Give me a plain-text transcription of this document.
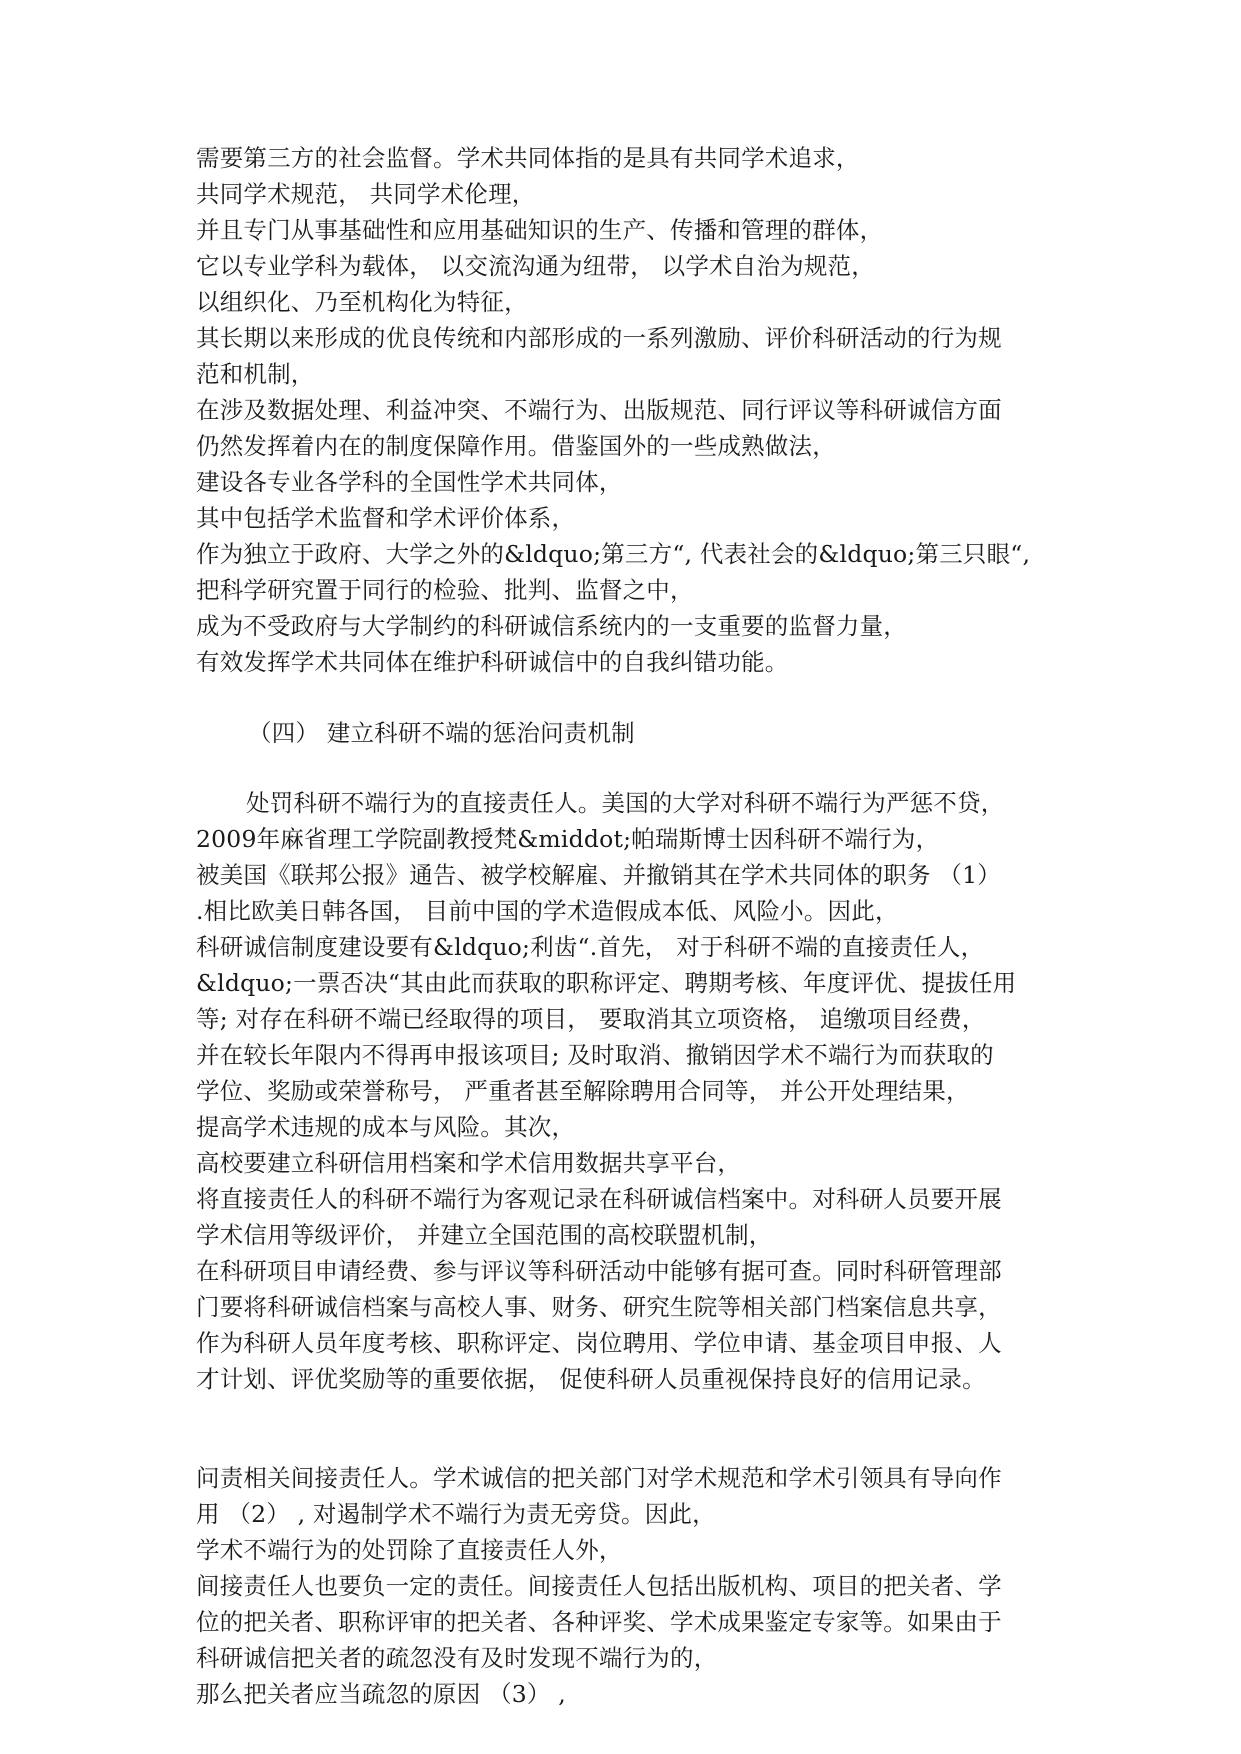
需要第三方的社会监督。学术共同体指的是具有共同学术追求，
共同学术规范， 共同学术伦理，
并且专门从事基础性和应用基础知识的生产、传播和管理的群体，
它以专业学科为载体， 以交流沟通为纽带， 以学术自治为规范，
以组织化、乃至机构化为特征，
其长期以来形成的优良传统和内部形成的一系列激励、评价科研活动的行为规
范和机制，
在涉及数据处理、利益冲突、不端行为、出版规范、同行评议等科研诚信方面
仍然发挥着内在的制度保障作用。借鉴国外的一些成熟做法，
建设各专业各学科的全国性学术共同体，
其中包括学术监督和学术评价体系，
作为独立于政府、大学之外的&ldquo;第三方“, 代表社会的&ldquo;第三只眼“,
把科学研究置于同行的检验、批判、监督之中，
成为不受政府与大学制约的科研诚信系统内的一支重要的监督力量，
有效发挥学术共同体在维护科研诚信中的自我纠错功能。
（四） 建立科研不端的惩治问责机制
处罚科研不端行为的直接责任人。美国的大学对科研不端行为严惩不贷，
2009年麻省理工学院副教授梵&middot;帕瑞斯博士因科研不端行为，
被美国《联邦公报》通告、被学校解雇、并撤销其在学术共同体的职务 （1）
.相比欧美日韩各国， 目前中国的学术造假成本低、风险小。因此，
科研诚信制度建设要有&ldquo;利齿“.首先， 对于科研不端的直接责任人，
&ldquo;一票否决“其由此而获取的职称评定、聘期考核、年度评优、提拔任用
等; 对存在科研不端已经取得的项目， 要取消其立项资格， 追缴项目经费，
并在较长年限内不得再申报该项目; 及时取消、撤销因学术不端行为而获取的
学位、奖励或荣誉称号， 严重者甚至解除聘用合同等， 并公开处理结果，
提高学术违规的成本与风险。其次，
高校要建立科研信用档案和学术信用数据共享平台，
将直接责任人的科研不端行为客观记录在科研诚信档案中。对科研人员要开展
学术信用等级评价， 并建立全国范围的高校联盟机制，
在科研项目申请经费、参与评议等科研活动中能够有据可查。同时科研管理部
门要将科研诚信档案与高校人事、财务、研究生院等相关部门档案信息共享，
作为科研人员年度考核、职称评定、岗位聘用、学位申请、基金项目申报、人
才计划、评优奖励等的重要依据， 促使科研人员重视保持良好的信用记录。
问责相关间接责任人。学术诚信的把关部门对学术规范和学术引领具有导向作
用 （2） , 对遏制学术不端行为责无旁贷。因此，
学术不端行为的处罚除了直接责任人外，
间接责任人也要负一定的责任。间接责任人包括出版机构、项目的把关者、学
位的把关者、职称评审的把关者、各种评奖、学术成果鉴定专家等。如果由于
科研诚信把关者的疏忽没有及时发现不端行为的，
那么把关者应当疏忽的原因 （3） ,
